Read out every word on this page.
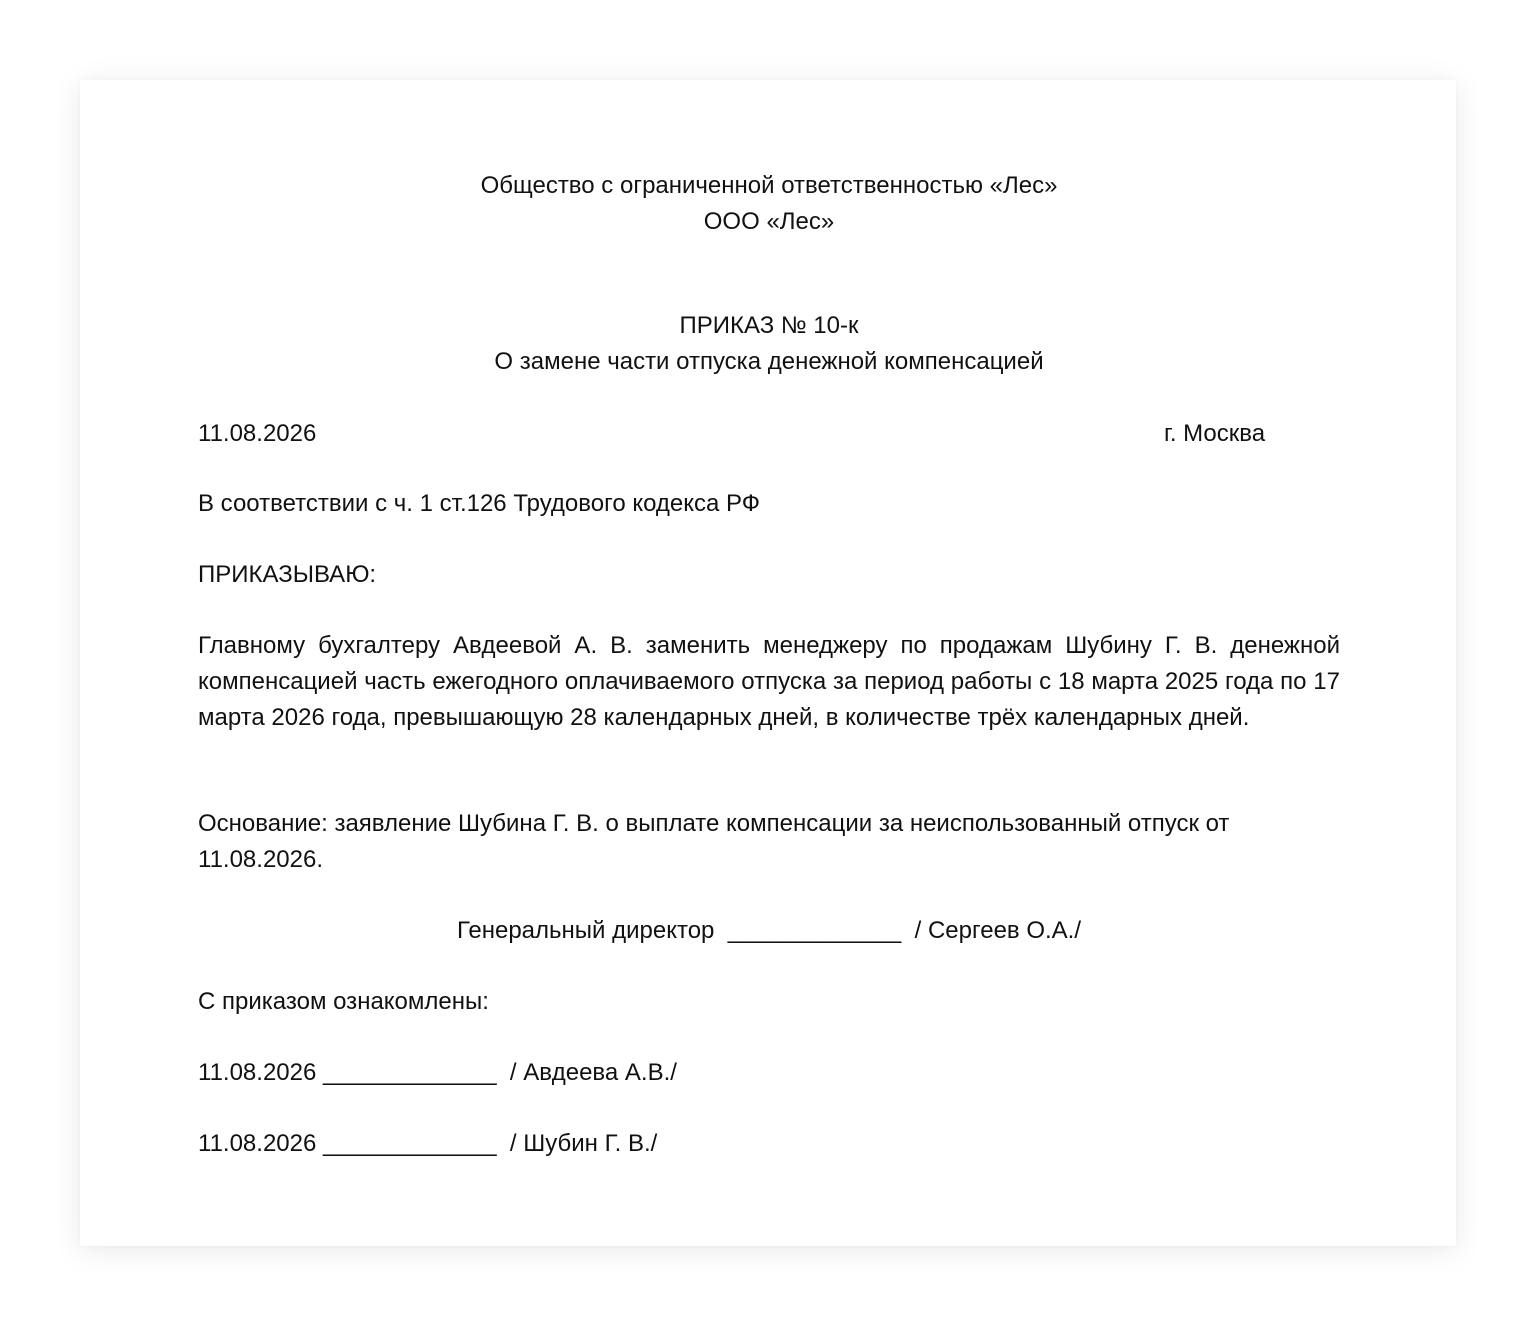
Общество с ограниченной ответственностью «Лес»
ООО «Лес»
ПРИКАЗ № 10-к
О замене части отпуска денежной компенсацией
11.08.2026	г. Москва
В соответствии с ч. 1 ст.126 Трудового кодекса РФ
ПРИКАЗЫВАЮ:
Главному бухгалтеру Авдеевой А. В. заменить менеджеру по продажам Шубину Г. В. денежной компенсацией часть ежегодного оплачиваемого отпуска за период работы с 18 марта 2025 года по 17 марта 2026 года, превышающую 28 календарных дней, в количестве трёх календарных дней.
Основание: заявление Шубина Г. В. о выплате компенсации за неиспользованный отпуск от 11.08.2026.
Генеральный директор _____________ / Сергеев О.А./
С приказом ознакомлены:
11.08.2026 _____________ / Авдеева А.В./
11.08.2026 _____________ / Шубин Г. В./
